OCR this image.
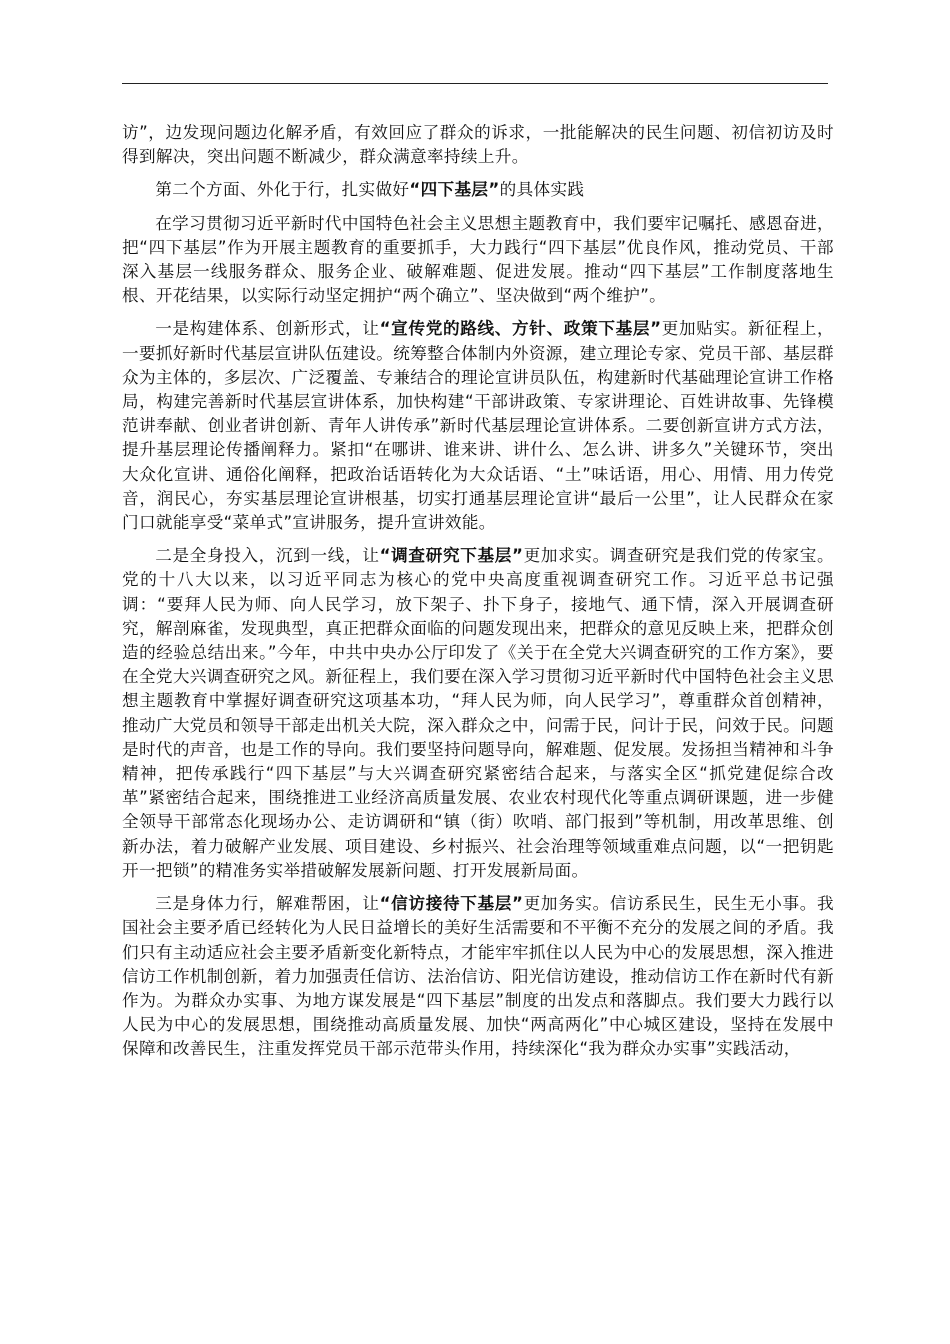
访”，边发现问题边化解矛盾，有效回应了群众的诉求，一批能解决的民生问题、初信初访及时得到解决，突出问题不断减少，群众满意率持续上升。

第二个方面、外化于行，扎实做好“四下基层”的具体实践

在学习贯彻习近平新时代中国特色社会主义思想主题教育中，我们要牢记嘱托、感恩奋进，把“四下基层”作为开展主题教育的重要抓手，大力践行“四下基层”优良作风，推动党员、干部深入基层一线服务群众、服务企业、破解难题、促进发展。推动“四下基层”工作制度落地生根、开花结果，以实际行动坚定拥护“两个确立”、坚决做到“两个维护”。

一是构建体系、创新形式，让“宣传党的路线、方针、政策下基层”更加贴实。新征程上，一要抓好新时代基层宣讲队伍建设。统筹整合体制内外资源，建立理论专家、党员干部、基层群众为主体的，多层次、广泛覆盖、专兼结合的理论宣讲员队伍，构建新时代基础理论宣讲工作格局，构建完善新时代基层宣讲体系，加快构建“干部讲政策、专家讲理论、百姓讲故事、先锋模范讲奉献、创业者讲创新、青年人讲传承”新时代基层理论宣讲体系。二要创新宣讲方式方法，提升基层理论传播阐释力。紧扣“在哪讲、谁来讲、讲什么、怎么讲、讲多久”关键环节，突出大众化宣讲、通俗化阐释，把政治话语转化为大众话语、“土”味话语，用心、用情、用力传党音，润民心，夯实基层理论宣讲根基，切实打通基层理论宣讲“最后一公里”，让人民群众在家门口就能享受“菜单式”宣讲服务，提升宣讲效能。

二是全身投入，沉到一线，让“调查研究下基层”更加求实。调查研究是我们党的传家宝。党的十八大以来，以习近平同志为核心的党中央高度重视调查研究工作。习近平总书记强调：“要拜人民为师、向人民学习，放下架子、扑下身子，接地气、通下情，深入开展调查研究，解剖麻雀，发现典型，真正把群众面临的问题发现出来，把群众的意见反映上来，把群众创造的经验总结出来。”今年，中共中央办公厅印发了《关于在全党大兴调查研究的工作方案》，要在全党大兴调查研究之风。新征程上，我们要在深入学习贯彻习近平新时代中国特色社会主义思想主题教育中掌握好调查研究这项基本功，“拜人民为师，向人民学习”，尊重群众首创精神，推动广大党员和领导干部走出机关大院，深入群众之中，问需于民，问计于民，问效于民。问题是时代的声音，也是工作的导向。我们要坚持问题导向，解难题、促发展。发扬担当精神和斗争精神，把传承践行“四下基层”与大兴调查研究紧密结合起来，与落实全区“抓党建促综合改革”紧密结合起来，围绕推进工业经济高质量发展、农业农村现代化等重点调研课题，进一步健全领导干部常态化现场办公、走访调研和“镇（街）吹哨、部门报到”等机制，用改革思维、创新办法，着力破解产业发展、项目建设、乡村振兴、社会治理等领域重难点问题，以“一把钥匙开一把锁”的精准务实举措破解发展新问题、打开发展新局面。

三是身体力行，解难帮困，让“信访接待下基层”更加务实。信访系民生，民生无小事。我国社会主要矛盾已经转化为人民日益增长的美好生活需要和不平衡不充分的发展之间的矛盾。我们只有主动适应社会主要矛盾新变化新特点，才能牢牢抓住以人民为中心的发展思想，深入推进信访工作机制创新，着力加强责任信访、法治信访、阳光信访建设，推动信访工作在新时代有新作为。为群众办实事、为地方谋发展是“四下基层”制度的出发点和落脚点。我们要大力践行以人民为中心的发展思想，围绕推动高质量发展、加快“两高两化”中心城区建设，坚持在发展中保障和改善民生，注重发挥党员干部示范带头作用，持续深化“我为群众办实事”实践活动，
